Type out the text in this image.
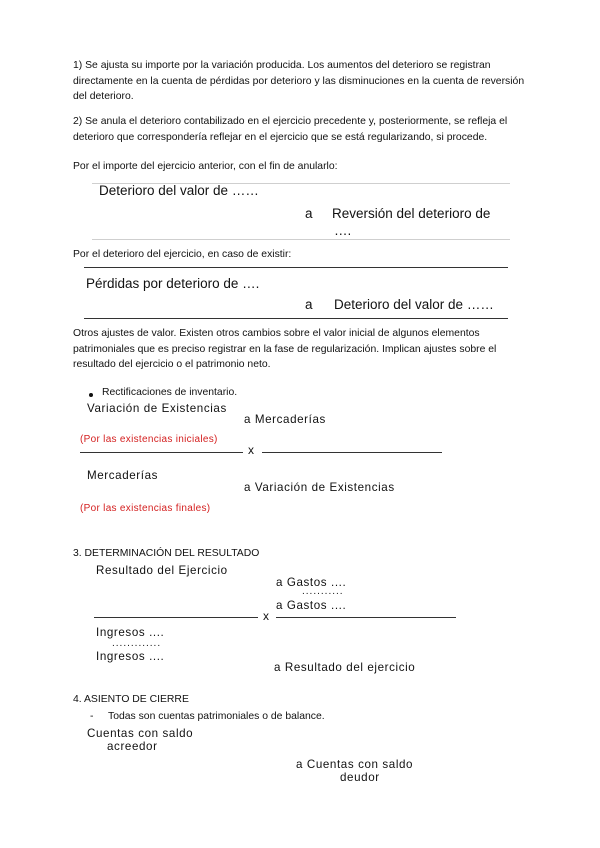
1) Se ajusta su importe por la variación producida. Los aumentos del deterioro se registran directamente en la cuenta de pérdidas por deterioro y las disminuciones en la cuenta de reversión del deterioro.
2) Se anula el deterioro contabilizado en el ejercicio precedente y, posteriormente, se refleja el deterioro que correspondería reflejar en el ejercicio que se está regularizando, si procede.
Por el importe del ejercicio anterior, con el fin de anularlo:
Deterioro del valor de ……
a Reversión del deterioro de
….
Por el deterioro del ejercicio, en caso de existir:
Pérdidas por deterioro de ….
a Deterioro del valor de ……
Otros ajustes de valor. Existen otros cambios sobre el valor inicial de algunos elementos patrimoniales que es preciso registrar en la fase de regularización. Implican ajustes sobre el resultado del ejercicio o el patrimonio neto.
Rectificaciones de inventario.
Variación de Existencias
a Mercaderías
(Por las existencias iniciales)
x
Mercaderías
a Variación de Existencias
(Por las existencias finales)
3. DETERMINACIÓN DEL RESULTADO
Resultado del Ejercicio
a Gastos ....
...........
a Gastos ....
x
Ingresos ....
.............
Ingresos ....
a Resultado del ejercicio
4. ASIENTO DE CIERRE
- Todas son cuentas patrimoniales o de balance.
Cuentas con saldo
acreedor
a Cuentas con saldo
deudor
